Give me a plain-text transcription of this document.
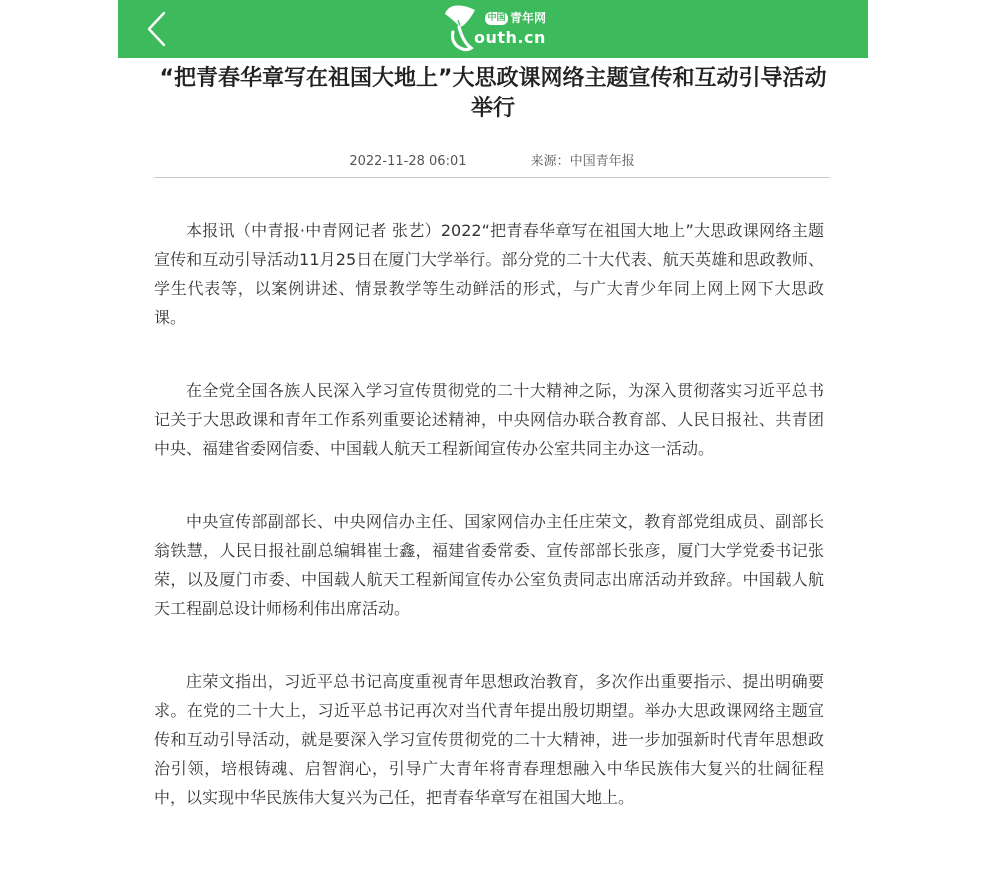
中国 青年网
outh.cn
“把青春华章写在祖国大地上”大思政课网络主题宣传和互动引导活动举行
2022-11-28 06:01	来源：中国青年报

本报讯（中青报·中青网记者 张艺）2022“把青春华章写在祖国大地上”大思政课网络主题宣传和互动引导活动11月25日在厦门大学举行。部分党的二十大代表、航天英雄和思政教师、学生代表等，以案例讲述、情景教学等生动鲜活的形式，与广大青少年同上网上网下大思政课。

在全党全国各族人民深入学习宣传贯彻党的二十大精神之际，为深入贯彻落实习近平总书记关于大思政课和青年工作系列重要论述精神，中央网信办联合教育部、人民日报社、共青团中央、福建省委网信委、中国载人航天工程新闻宣传办公室共同主办这一活动。

中央宣传部副部长、中央网信办主任、国家网信办主任庄荣文，教育部党组成员、副部长翁铁慧，人民日报社副总编辑崔士鑫，福建省委常委、宣传部部长张彦，厦门大学党委书记张荣，以及厦门市委、中国载人航天工程新闻宣传办公室负责同志出席活动并致辞。中国载人航天工程副总设计师杨利伟出席活动。

庄荣文指出，习近平总书记高度重视青年思想政治教育，多次作出重要指示、提出明确要求。在党的二十大上，习近平总书记再次对当代青年提出殷切期望。举办大思政课网络主题宣传和互动引导活动，就是要深入学习宣传贯彻党的二十大精神，进一步加强新时代青年思想政治引领，培根铸魂、启智润心，引导广大青年将青春理想融入中华民族伟大复兴的壮阔征程中，以实现中华民族伟大复兴为己任，把青春华章写在祖国大地上。
